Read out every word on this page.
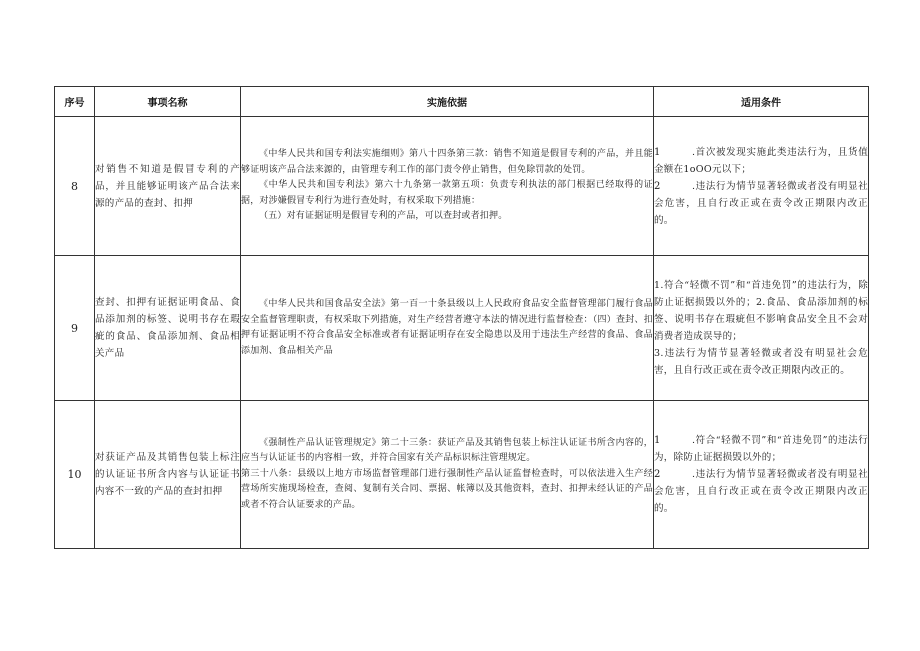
序号	事项名称	实施依据	适用条件
8	对销售不知道是假冒专利的产品，并且能够证明该产品合法来源的产品的查封、扣押	《中华人民共和国专利法实施细则》第八十四条第三款：销售不知道是假冒专利的产品，并且能够证明该产品合法来源的，由管理专利工作的部门责令停止销售，但免除罚款的处罚。
《中华人民共和国专利法》第六十九条第一款第五项：负责专利执法的部门根据已经取得的证据，对涉嫌假冒专利行为进行查处时，有权采取下列措施：
（五）对有证据证明是假冒专利的产品，可以查封或者扣押。	1 .首次被发现实施此类违法行为，且货值金额在1oOO元以下；
2 .违法行为情节显著轻微或者没有明显社会危害，且自行改正或在责令改正期限内改正的。

9	查封、扣押有证据证明食品、食品添加剂的标签、说明书存在瑕疵的食品、食品添加剂、食品相关产品	《中华人民共和国食品安全法》第一百一十条县级以上人民政府食品安全监督管理部门履行食品安全监督管理职责，有权采取下列措施，对生产经营者遵守本法的情况进行监督检查：（四）查封、扣押有证据证明不符合食品安全标准或者有证据证明存在安全隐患以及用于违法生产经营的食品、食品添加剂、食品相关产品	1.符合“轻微不罚”和“首违免罚”的违法行为，除防止证据损毁以外的；2.食品、食品添加剂的标签、说明书存在瑕疵但不影响食品安全且不会对消费者造成误导的；
3.违法行为情节显著轻微或者没有明显社会危害，且自行改正或在责令改正期限内改正的。

10	对获证产品及其销售包装上标注的认证证书所含内容与认证证书内容不一致的产品的查封扣押	《强制性产品认证管理规定》第二十三条：获证产品及其销售包装上标注认证证书所含内容的，应当与认证证书的内容相一致，并符合国家有关产品标识标注管理规定。
第三十八条：县级以上地方市场监督管理部门进行强制性产品认证监督检查时，可以依法进入生产经营场所实施现场检查，查阅、复制有关合同、票据、帐簿以及其他资料，查封、扣押未经认证的产品或者不符合认证要求的产品。	1 .符合“轻微不罚”和“首违免罚”的违法行为，除防止证据损毁以外的；
2 .违法行为情节显著轻微或者没有明显社会危害，且自行改正或在责令改正期限内改正的。
